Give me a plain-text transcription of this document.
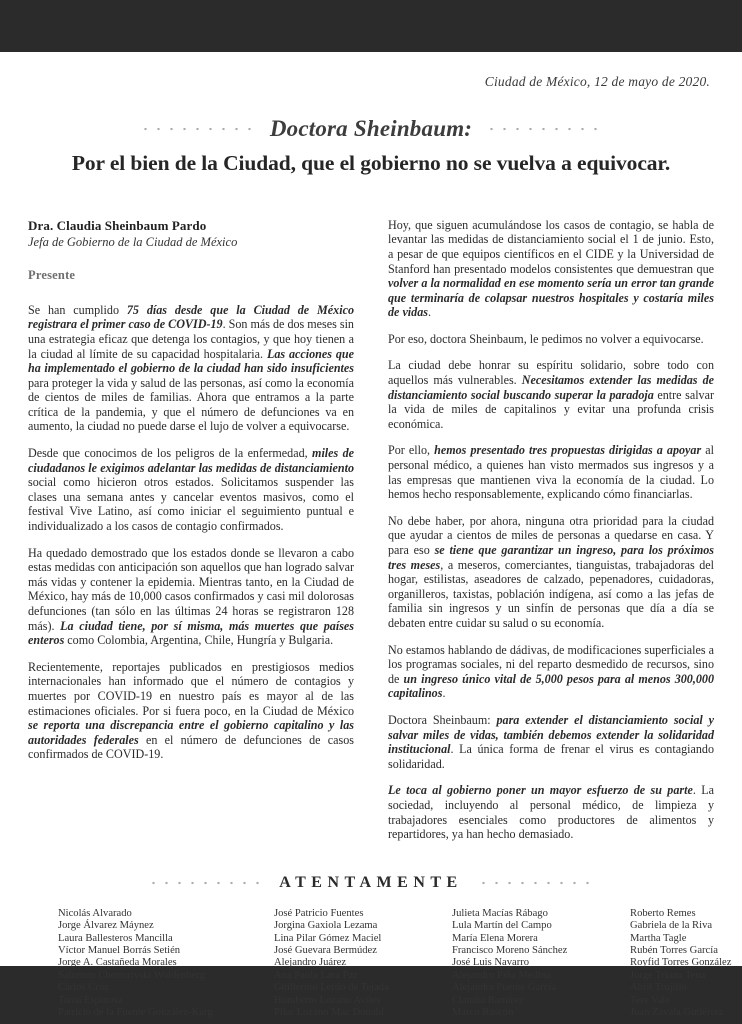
Ciudad de México, 12 de mayo de 2020.
Doctora Sheinbaum:
Por el bien de la Ciudad, que el gobierno no se vuelva a equivocar.
Dra. Claudia Sheinbaum Pardo
Jefa de Gobierno de la Ciudad de México
Presente

Se han cumplido 75 días desde que la Ciudad de México registrara el primer caso de COVID-19. Son más de dos meses sin una estrategia eficaz que detenga los contagios, y que hoy tienen a la ciudad al límite de su capacidad hospitalaria. Las acciones que ha implementado el gobierno de la ciudad han sido insuficientes para proteger la vida y salud de las personas, así como la economía de cientos de miles de familias. Ahora que entramos a la parte crítica de la pandemia, y que el número de defunciones va en aumento, la ciudad no puede darse el lujo de volver a equivocarse.

Desde que conocimos de los peligros de la enfermedad, miles de ciudadanos le exigimos adelantar las medidas de distanciamiento social como hicieron otros estados. Solicitamos suspender las clases una semana antes y cancelar eventos masivos, como el festival Vive Latino, así como iniciar el seguimiento puntual e individualizado a los casos de contagio confirmados.

Ha quedado demostrado que los estados donde se llevaron a cabo estas medidas con anticipación son aquellos que han logrado salvar más vidas y contener la epidemia. Mientras tanto, en la Ciudad de México, hay más de 10,000 casos confirmados y casi mil dolorosas defunciones (tan sólo en las últimas 24 horas se registraron 128 más). La ciudad tiene, por sí misma, más muertes que países enteros como Colombia, Argentina, Chile, Hungría y Bulgaria.

Recientemente, reportajes publicados en prestigiosos medios internacionales han informado que el número de contagios y muertes por COVID-19 en nuestro país es mayor al de las estimaciones oficiales. Por si fuera poco, en la Ciudad de México se reporta una discrepancia entre el gobierno capitalino y las autoridades federales en el número de defunciones de casos confirmados de COVID-19.

Hoy, que siguen acumulándose los casos de contagio, se habla de levantar las medidas de distanciamiento social el 1 de junio. Esto, a pesar de que equipos científicos en el CIDE y la Universidad de Stanford han presentado modelos consistentes que demuestran que volver a la normalidad en ese momento sería un error tan grande que terminaría de colapsar nuestros hospitales y costaría miles de vidas.

Por eso, doctora Sheinbaum, le pedimos no volver a equivocarse.

La ciudad debe honrar su espíritu solidario, sobre todo con aquellos más vulnerables. Necesitamos extender las medidas de distanciamiento social buscando superar la paradoja entre salvar la vida de miles de capitalinos y evitar una profunda crisis económica.

Por ello, hemos presentado tres propuestas dirigidas a apoyar al personal médico, a quienes han visto mermados sus ingresos y a las empresas que mantienen viva la economía de la ciudad. Lo hemos hecho responsablemente, explicando cómo financiarlas.

No debe haber, por ahora, ninguna otra prioridad para la ciudad que ayudar a cientos de miles de personas a quedarse en casa. Y para eso se tiene que garantizar un ingreso, para los próximos tres meses, a meseros, comerciantes, tianguistas, trabajadoras del hogar, estilistas, aseadores de calzado, pepenadores, cuidadoras, organilleros, taxistas, población indígena, así como a las jefas de familia sin ingresos y un sinfín de personas que día a día se debaten entre cuidar su salud o su economía.

No estamos hablando de dádivas, de modificaciones superficiales a los programas sociales, ni del reparto desmedido de recursos, sino de un ingreso único vital de 5,000 pesos para al menos 300,000 capitalinos.

Doctora Sheinbaum: para extender el distanciamiento social y salvar miles de vidas, también debemos extender la solidaridad institucional. La única forma de frenar el virus es contagiando solidaridad.

Le toca al gobierno poner un mayor esfuerzo de su parte. La sociedad, incluyendo al personal médico, de limpieza y trabajadores esenciales como productores de alimentos y repartidores, ya han hecho demasiado.

ATENTAMENTE
Nicolás Alvarado
Jorge Álvarez Máynez
Laura Ballesteros Mancilla
Víctor Manuel Borrás Setién
Jorge A. Castañeda Morales
Salomón Chertorivski Woldenberg
Carlos Cruz
Tania Espinosa
Patricio de la Fuente González-Karg
José Patricio Fuentes
Jorgina Gaxiola Lezama
Lina Pilar Gómez Maciel
José Guevara Bermúdez
Alejandro Juárez
Ana Paola Lara Paz
Guillermo Lerdo de Tejada
Humberto Lozano Avilés
Pilar Lozano Mac Donald
Julieta Macías Rábago
Lula Martín del Campo
María Elena Morera
Francisco Moreno Sánchez
José Luis Navarro
Alejandro Piña Medina
Alejandra Puente García
Claudia Ramírez
Marco Rascón
Roberto Remes
Gabriela de la Riva
Martha Tagle
Rubén Torres García
Royfid Torres González
Jorge Triana Tena
Abril Trujillo
Tere Vale
Juan Zavala Gutiérrez
